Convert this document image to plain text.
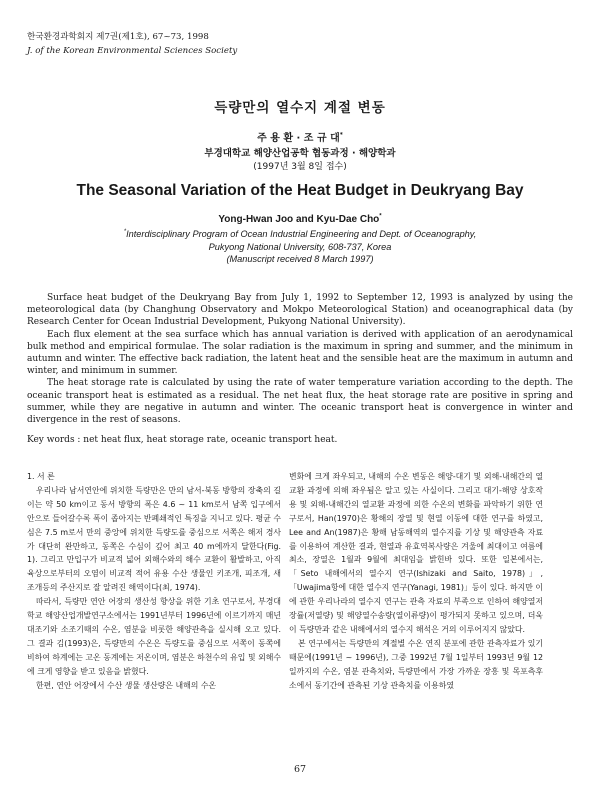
한국환경과학회지 제7권(제1호), 67~73, 1998
J. of the Korean Environmental Sciences Society
득량만의 열수지 계절 변동
주 용 환 · 조 규 대*
부경대학교 해양산업공학 협동과정 · 해양학과
(1997년 3월 8일 접수)
The Seasonal Variation of the Heat Budget in Deukryang Bay
Yong-Hwan Joo and Kyu-Dae Cho*
*Interdisciplinary Program of Ocean Industrial Engineering and Dept. of Oceanography,
Pukyong National University, 608-737, Korea
(Manuscript received 8 March 1997)

Surface heat budget of the Deukryang Bay from July 1, 1992 to September 12, 1993 is analyzed by using the meteorological data (by Changhung Observatory and Mokpo Meteorological Station) and oceanographical data (by Research Center for Ocean Industrial Development, Pukyong National University).

Each flux element at the sea surface which has annual variation is derived with application of an aerodynamical bulk method and empirical formulae. The solar radiation is the maximum in spring and summer, and the minimum in autumn and winter. The effective back radiation, the latent heat and the sensible heat are the maximum in autumn and winter, and minimum in summer.

The heat storage rate is calculated by using the rate of water temperature variation according to the depth. The oceanic transport heat is estimated as a residual. The net heat flux, the heat storage rate are positive in spring and summer, while they are negative in autumn and winter. The oceanic transport heat is convergence in winter and divergence in the rest of seasons.

Key words : net heat flux, heat storage rate, oceanic transport heat.

1. 서 론

우리나라 남서연안에 위치한 득량만은 만의 남서-북동 방향의 장축의 길이는 약 50 km이고 동서 방향의 폭은 4.6 ~ 11 km로서 남쪽 입구에서 안으로 들어갈수록 폭이 좁아지는 반폐쇄적인 특징을 지니고 있다. 평균 수심은 7.5 m로서 만의 중앙에 위치한 득량도를 중심으로 서쪽은 해저 경사가 대단히 완만하고, 동쪽은 수심이 깊어 최고 40 m에까지 달한다(Fig. 1). 그리고 만입구가 비교적 넓어 외해수와의 해수 교환이 활발하고, 아직 육상으로부터의 오염이 비교적 적어 유용 수산 생물인 키조개, 피조개, 새조개등의 주산지로 잘 알려진 해역이다(최, 1974).

따라서, 득량만 연안 어장의 생산성 향상을 위한 기초 연구로서, 부경대학교 해양산업개발연구소에서는 1991년부터 1996년에 이르기까지 매년 대조기와 소조기때의 수온, 염분을 비롯한 해양관측을 실시해 오고 있다. 그 결과 김(1993)은, 득량만의 수온은 득량도를 중심으로 서쪽이 동쪽에 비하여 하계에는 고온 동계에는 저온이며, 염분은 하천수의 유입 및 외해수에 크게 영향을 받고 있음을 밝혔다.

한편, 연안 어장에서 수산 생물 생산량은 내해의 수온

변화에 크게 좌우되고, 내해의 수온 변동은 해양-대기 및 외해-내해간의 열교환 과정에 의해 좌우됨은 알고 있는 사실이다. 그리고 대기-해양 상호작용 및 외해-내해간의 열교환 과정에 의한 수온의 변화를 파악하기 위한 연구로서, Han(1970)은 황해의 장열 및 현열 이동에 대한 연구를 하였고, Lee and An(1987)은 황해 남동해역의 열수지를 기상 및 해양관측 자료를 이용하여 계산한 결과, 현열과 유효역복사량은 겨울에 최대이고 여름에 최소, 장열은 1월과 9월에 최대임을 밝힌바 있다. 또한 일본에서는, 「Seto 내해에서의 열수지 연구(Ishizaki and Saito, 1978)」, 「Uwajima항에 대한 열수지 연구(Yanagi, 1981)」등이 있다. 하지만 이에 관한 우리나라의 열수지 연구는 관측 자료의 부족으로 인하여 해양열저장률(저열량) 및 해양열수송량(열이류량)이 평가되지 못하고 있으며, 더욱이 득량만과 같은 내해에서의 열수지 해석은 거의 이루어지지 않았다.

본 연구에서는 득량만의 계절별 수온 연직 분포에 관한 관측자료가 있기 때문에(1991년 ~ 1996년), 그중 1992년 7월 1일부터 1993년 9월 12일까지의 수온, 염분 관측치와, 득량만에서 가장 가까운 장흥 및 목포측후소에서 동기간에 관측된 기상 관측치를 이용하였

67
